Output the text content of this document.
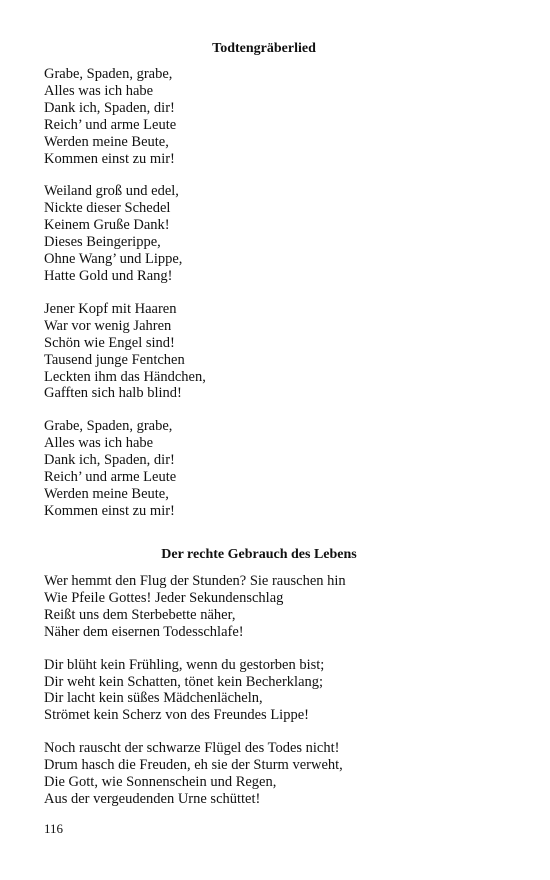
Todtengräberlied
Grabe, Spaden, grabe,
Alles was ich habe
Dank ich, Spaden, dir!
Reich’ und arme Leute
Werden meine Beute,
Kommen einst zu mir!
Weiland groß und edel,
Nickte dieser Schedel
Keinem Gruße Dank!
Dieses Beingerippe,
Ohne Wang’ und Lippe,
Hatte Gold und Rang!
Jener Kopf mit Haaren
War vor wenig Jahren
Schön wie Engel sind!
Tausend junge Fentchen
Leckten ihm das Händchen,
Gafften sich halb blind!
Grabe, Spaden, grabe,
Alles was ich habe
Dank ich, Spaden, dir!
Reich’ und arme Leute
Werden meine Beute,
Kommen einst zu mir!
Der rechte Gebrauch des Lebens
Wer hemmt den Flug der Stunden? Sie rauschen hin
Wie Pfeile Gottes! Jeder Sekundenschlag
Reißt uns dem Sterbebette näher,
Näher dem eisernen Todesschlafe!
Dir blüht kein Frühling, wenn du gestorben bist;
Dir weht kein Schatten, tönet kein Becherklang;
Dir lacht kein süßes Mädchenlächeln,
Strömet kein Scherz von des Freundes Lippe!
Noch rauscht der schwarze Flügel des Todes nicht!
Drum hasch die Freuden, eh sie der Sturm verweht,
Die Gott, wie Sonnenschein und Regen,
Aus der vergeudenden Urne schüttet!
116
